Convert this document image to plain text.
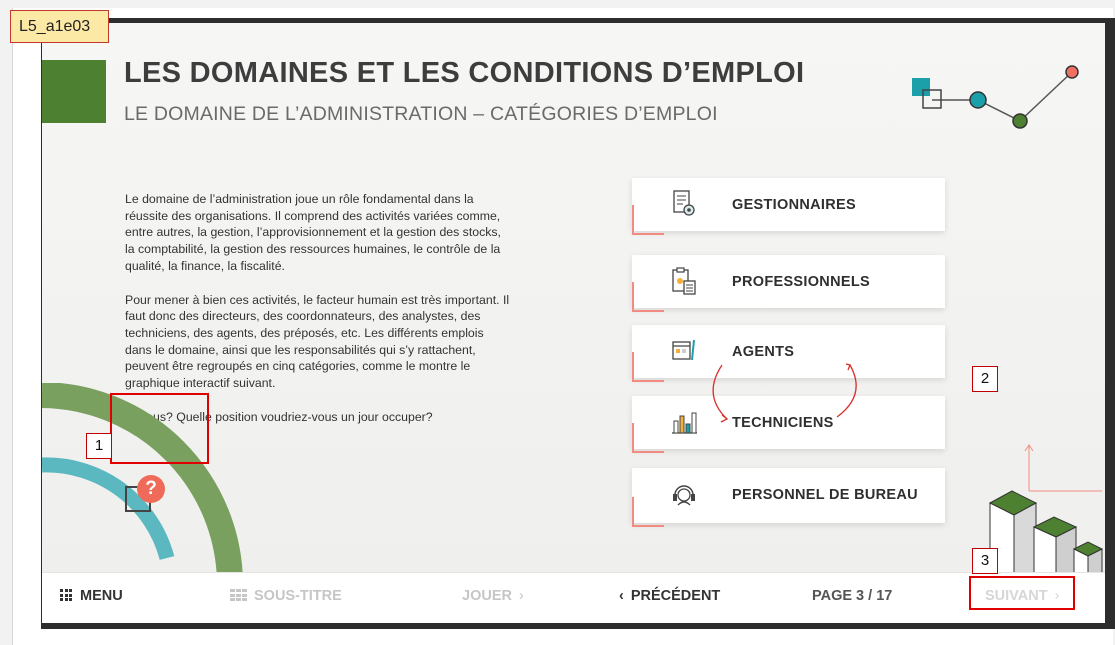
LES DOMAINES ET LES CONDITIONS D’EMPLOI
LE DOMAINE DE L’ADMINISTRATION – CATÉGORIES D’EMPLOI

Le domaine de l’administration joue un rôle fondamental dans la réussite des organisations. Il comprend des activités variées comme, entre autres, la gestion, l’approvisionnement et la gestion des stocks, la comptabilité, la gestion des ressources humaines, le contrôle de la qualité, la finance, la fiscalité.

Pour mener à bien ces activités, le facteur humain est très important. Il faut donc des directeurs, des coordonnateurs, des analystes, des techniciens, des agents, des préposés, etc. Les différents emplois dans le domaine, ainsi que les responsabilités qui s’y rattachent, peuvent être regroupés en cinq catégories, comme le montre le graphique interactif suivant.

Et vous? Quelle position voudriez-vous un jour occuper?

?
GESTIONNAIRES
PROFESSIONNELS
AGENTS
TECHNICIENS
PERSONNEL DE BUREAU
MENU	SOUS-TITRE	JOUER ›	‹ PRÉCÉDENT	PAGE 3 / 17	SUIVANT ›
L5_a1e03
1
2
3
